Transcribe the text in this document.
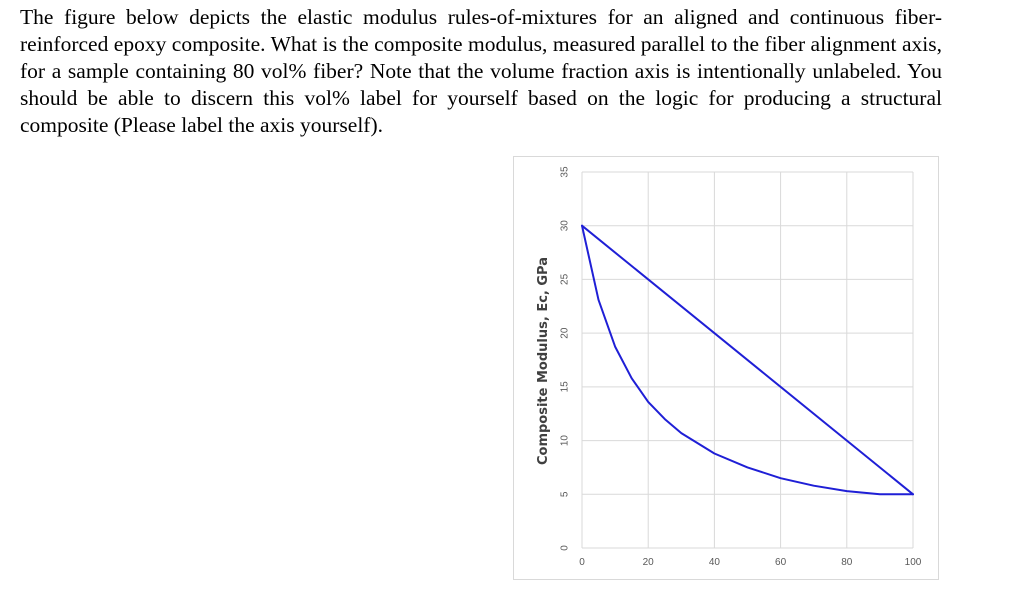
The figure below depicts the elastic modulus rules-of-mixtures for an aligned and continuous fiber-reinforced epoxy composite. What is the composite modulus, measured parallel to the fiber alignment axis, for a sample containing 80 vol% fiber? Note that the volume fraction axis is intentionally unlabeled. You should be able to discern this vol% label for yourself based on the logic for producing a structural composite (Please label the axis yourself).
0
5
10
15
20
25
30
35
0	20	40	60	80	100
Composite Modulus, Ec, GPa
